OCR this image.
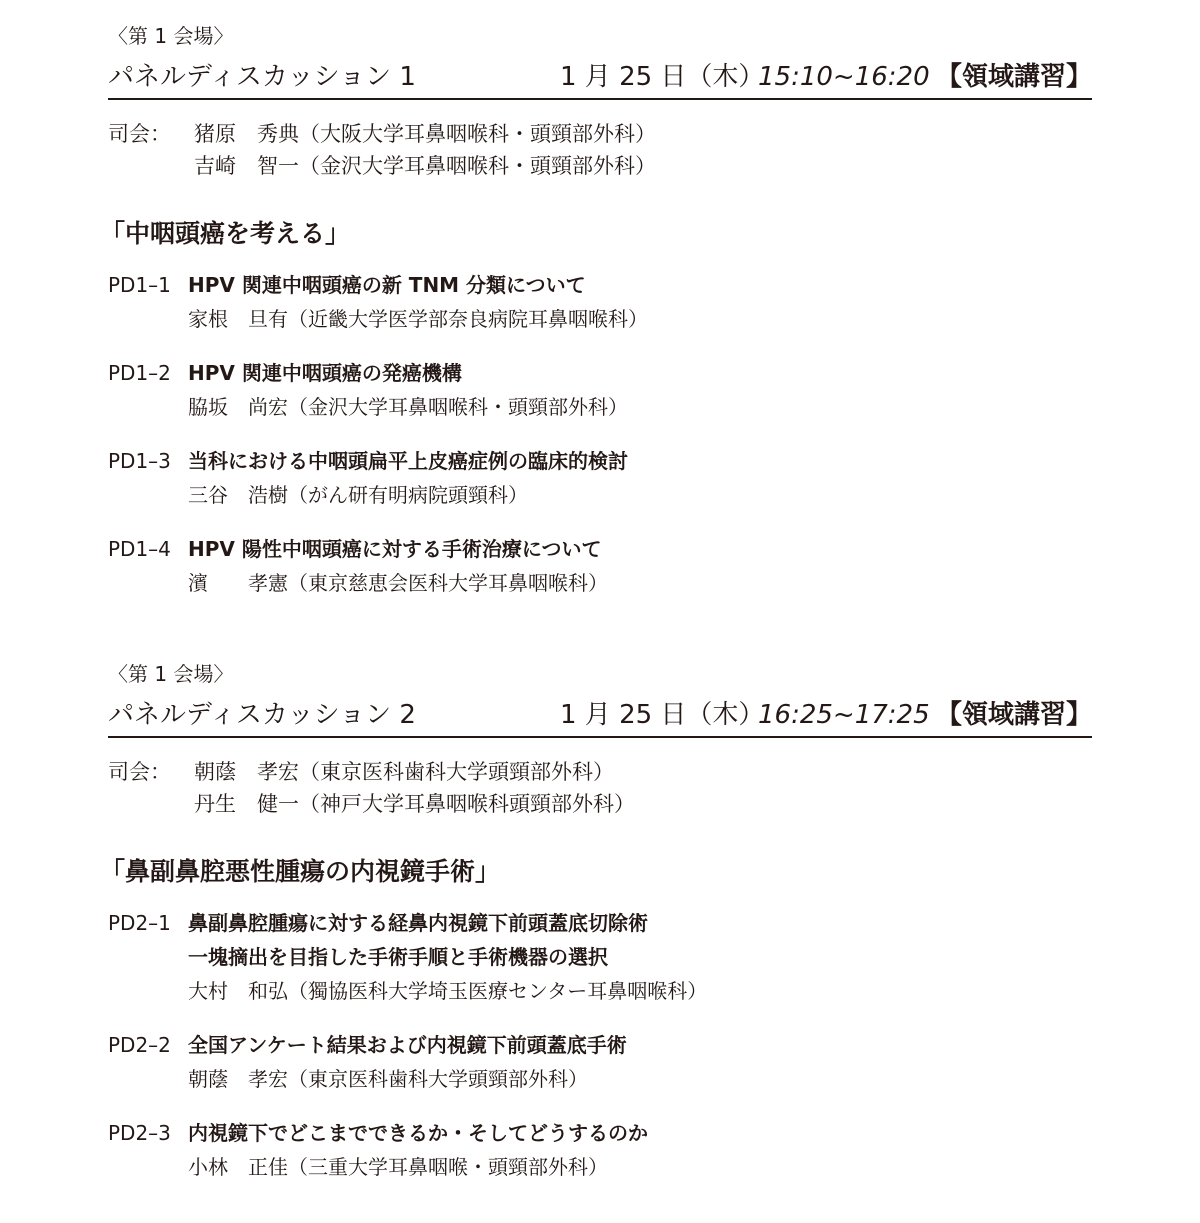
〈第 1 会場〉
パネルディスカッション 1	1 月 25 日（木）
15:10~16:20 【領域講習】
司会： 猪原　秀典（大阪大学耳鼻咽喉科・頭頸部外科）
吉崎　智一（金沢大学耳鼻咽喉科・頭頸部外科）
「中咽頭癌を考える」
PD1–1 HPV 関連中咽頭癌の新 TNM 分類について
家根　旦有（近畿大学医学部奈良病院耳鼻咽喉科）
PD1–2 HPV 関連中咽頭癌の発癌機構
脇坂　尚宏（金沢大学耳鼻咽喉科・頭頸部外科）
PD1–3 当科における中咽頭扁平上皮癌症例の臨床的検討
三谷　浩樹（がん研有明病院頭頸科）
PD1–4 HPV 陽性中咽頭癌に対する手術治療について
濱　　孝憲（東京慈恵会医科大学耳鼻咽喉科）
〈第 1 会場〉
パネルディスカッション 2	1 月 25 日（木）
16:25~17:25 【領域講習】
司会： 朝蔭　孝宏（東京医科歯科大学頭頸部外科）
丹生　健一（神戸大学耳鼻咽喉科頭頸部外科）
「鼻副鼻腔悪性腫瘍の内視鏡手術」
PD2–1 鼻副鼻腔腫瘍に対する経鼻内視鏡下前頭蓋底切除術
一塊摘出を目指した手術手順と手術機器の選択
大村　和弘（獨協医科大学埼玉医療センター耳鼻咽喉科）
PD2–2 全国アンケート結果および内視鏡下前頭蓋底手術
朝蔭　孝宏（東京医科歯科大学頭頸部外科）
PD2–3 内視鏡下でどこまでできるか・そしてどうするのか
小林　正佳（三重大学耳鼻咽喉・頭頸部外科）
